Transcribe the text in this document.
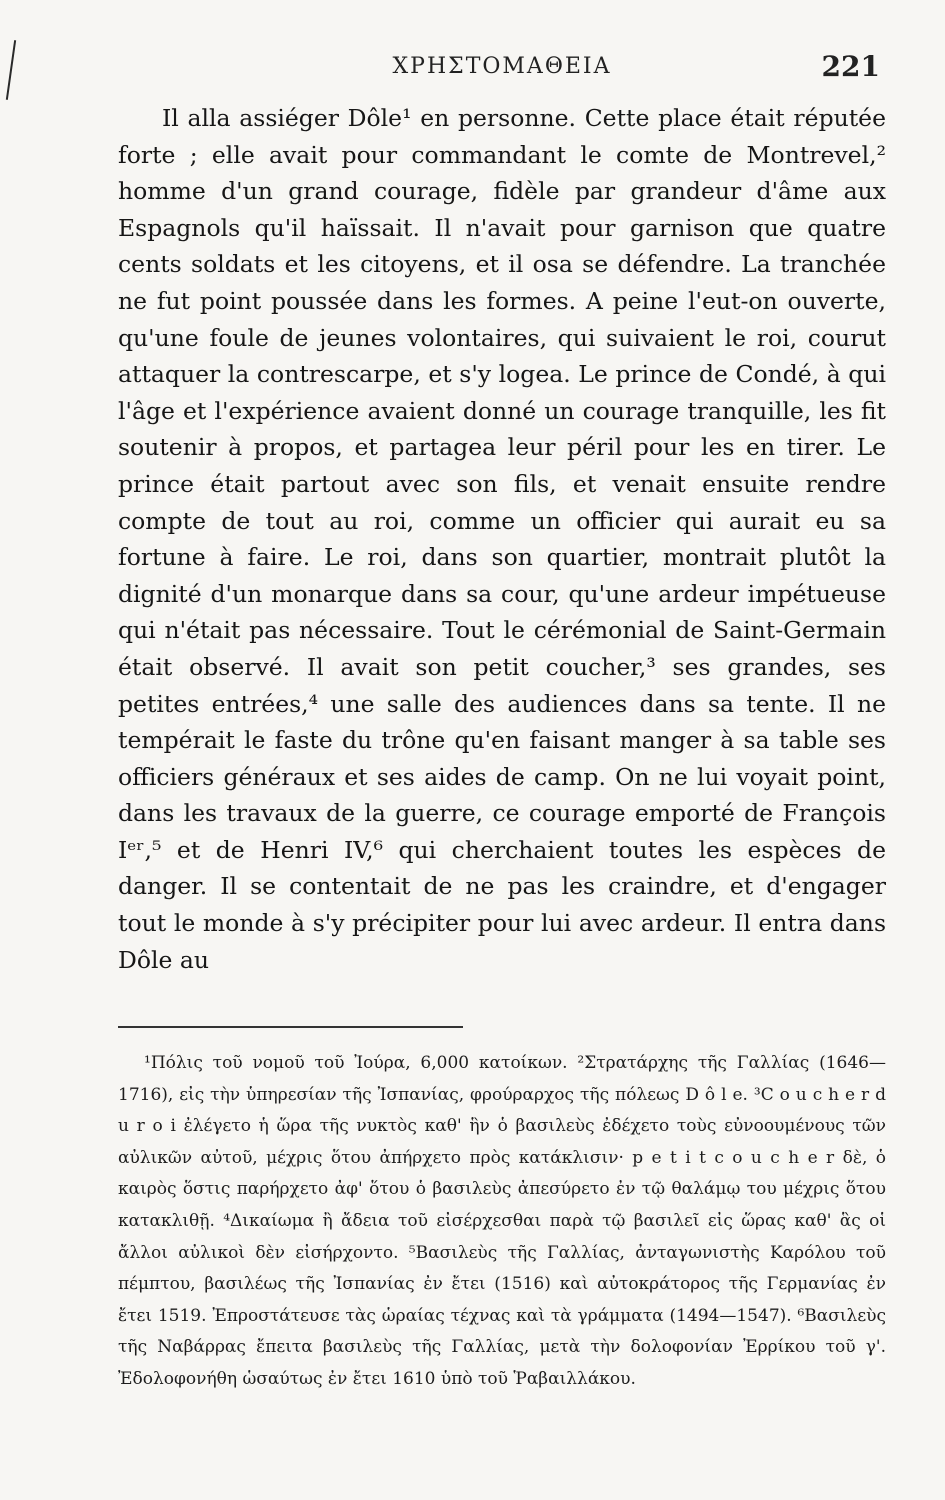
ΧΡΗΣΤΟΜΑΘΕΙΑ	221

Il alla assiéger Dôle¹ en personne. Cette place était réputée forte ; elle avait pour commandant le comte de Montrevel,² homme d'un grand courage, fidèle par grandeur d'âme aux Espagnols qu'il haïssait. Il n'avait pour garnison que quatre cents soldats et les citoyens, et il osa se défendre. La tranchée ne fut point poussée dans les formes. A peine l'eut-on ouverte, qu'une foule de jeunes volontaires, qui suivaient le roi, courut attaquer la contrescarpe, et s'y logea. Le prince de Condé, à qui l'âge et l'expérience avaient donné un courage tranquille, les fit soutenir à propos, et partagea leur péril pour les en tirer. Le prince était partout avec son fils, et venait ensuite rendre compte de tout au roi, comme un officier qui aurait eu sa fortune à faire. Le roi, dans son quartier, montrait plutôt la dignité d'un monarque dans sa cour, qu'une ardeur impétueuse qui n'était pas nécessaire. Tout le cérémonial de Saint-Germain était observé. Il avait son petit coucher,³ ses grandes, ses petites entrées,⁴ une salle des audiences dans sa tente. Il ne tempérait le faste du trône qu'en faisant manger à sa table ses officiers généraux et ses aides de camp. On ne lui voyait point, dans les travaux de la guerre, ce courage emporté de François Iᵉʳ,⁵ et de Henri IV,⁶ qui cherchaient toutes les espèces de danger. Il se contentait de ne pas les craindre, et d'engager tout le monde à s'y précipiter pour lui avec ardeur. Il entra dans Dôle au

¹Πόλις τοῦ νομοῦ τοῦ Ἰούρα, 6,000 κατοίκων. ²Στρατάρχης τῆς Γαλλίας (1646—1716), εἰς τὴν ὑπηρεσίαν τῆς Ἰσπανίας, φρούραρχος τῆς πόλεως D ô l e. ³C o u c h e r d u r o i ἐλέγετο ἡ ὥρα τῆς νυκτὸς καθ' ἣν ὁ βασιλεὺς ἐδέχετο τοὺς εὐνοουμένους τῶν αὐλικῶν αὐτοῦ, μέχρις ὅτου ἀπήρχετο πρὸς κατάκλισιν· p e t i t c o u c h e r δὲ, ὁ καιρὸς ὅστις παρήρχετο ἀφ' ὅτου ὁ βασιλεὺς ἀπεσύρετο ἐν τῷ θαλάμῳ του μέχρις ὅτου κατακλιθῇ. ⁴Δικαίωμα ἢ ἄδεια τοῦ εἰσέρχεσθαι παρὰ τῷ βασιλεῖ εἰς ὥρας καθ' ἃς οἱ ἄλλοι αὐλικοὶ δὲν εἰσήρχοντο. ⁵Βασιλεὺς τῆς Γαλλίας, ἀνταγωνιστὴς Καρόλου τοῦ πέμπτου, βασιλέως τῆς Ἰσπανίας ἐν ἔτει (1516) καὶ αὐτοκράτορος τῆς Γερμανίας ἐν ἔτει 1519. Ἐπροστάτευσε τὰς ὡραίας τέχνας καὶ τὰ γράμματα (1494—1547). ⁶Βασιλεὺς τῆς Ναβάρρας ἔπειτα βασιλεὺς τῆς Γαλλίας, μετὰ τὴν δολοφονίαν Ἐρρίκου τοῦ γ'. Ἐδολοφονήθη ὡσαύτως ἐν ἔτει 1610 ὑπὸ τοῦ Ῥαβαιλλάκου.
